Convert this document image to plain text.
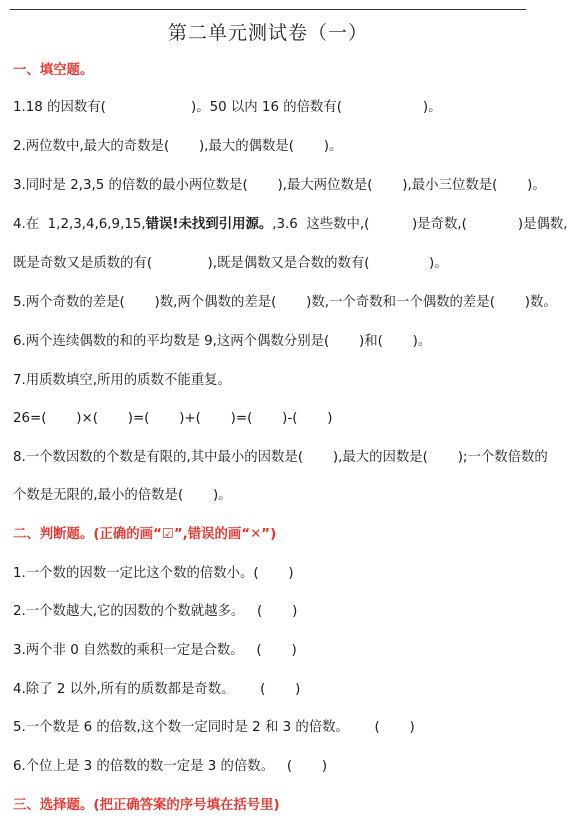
第二单元测试卷（一）
一、填空题。
1.18 的因数有(                    )。50 以内 16 的倍数有(                   )。
2.两位数中,最大的奇数是(       ),最大的偶数是(       )。
3.同时是 2,3,5 的倍数的最小两位数是(       ),最大两位数是(       ),最小三位数是(       )。
4.在  1,2,3,4,6,9,15,错误!未找到引用源。,3.6  这些数中,(          )是奇数,(            )是偶数,
既是奇数又是质数的有(             ),既是偶数又是合数的数有(              )。
5.两个奇数的差是(       )数,两个偶数的差是(       )数,一个奇数和一个偶数的差是(       )数。
6.两个连续偶数的和的平均数是 9,这两个偶数分别是(       )和(       )。
7.用质数填空,所用的质数不能重复。
26=(       )×(       )=(       )+(       )=(       )-(       )
8.一个数因数的个数是有限的,其中最小的因数是(       ),最大的因数是(       );一个数倍数的
个数是无限的,最小的倍数是(       )。
二、判断题。(正确的画“☑”,错误的画“✕”)
1.一个数的因数一定比这个数的倍数小。(       )
2.一个数越大,它的因数的个数就越多。   (       )
3.两个非 0 自然数的乘积一定是合数。   (       )
4.除了 2 以外,所有的质数都是奇数。      (       )
5.一个数是 6 的倍数,这个数一定同时是 2 和 3 的倍数。      (       )
6.个位上是 3 的倍数的数一定是 3 的倍数。   (       )
三、选择题。(把正确答案的序号填在括号里)
